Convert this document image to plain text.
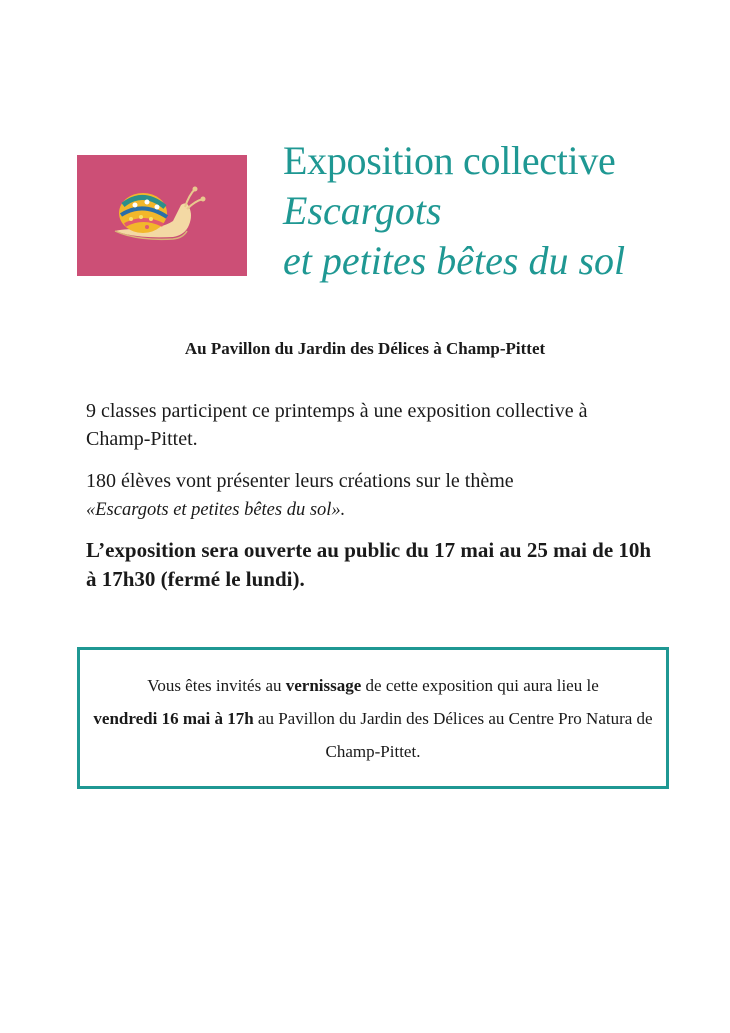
Exposition collective
Escargots
et petites bêtes du sol
Au Pavillon du Jardin des Délices à Champ-Pittet
9 classes participent ce printemps à une exposition collective à Champ-Pittet.
180 élèves vont présenter leurs créations sur le thème
«Escargots et petites bêtes du sol».
L’exposition sera ouverte au public du 17 mai au 25 mai de 10h à 17h30 (fermé le lundi).
Vous êtes invités au vernissage de cette exposition qui aura lieu le
vendredi 16 mai à 17h au Pavillon du Jardin des Délices au Centre Pro Natura de Champ-Pittet.
